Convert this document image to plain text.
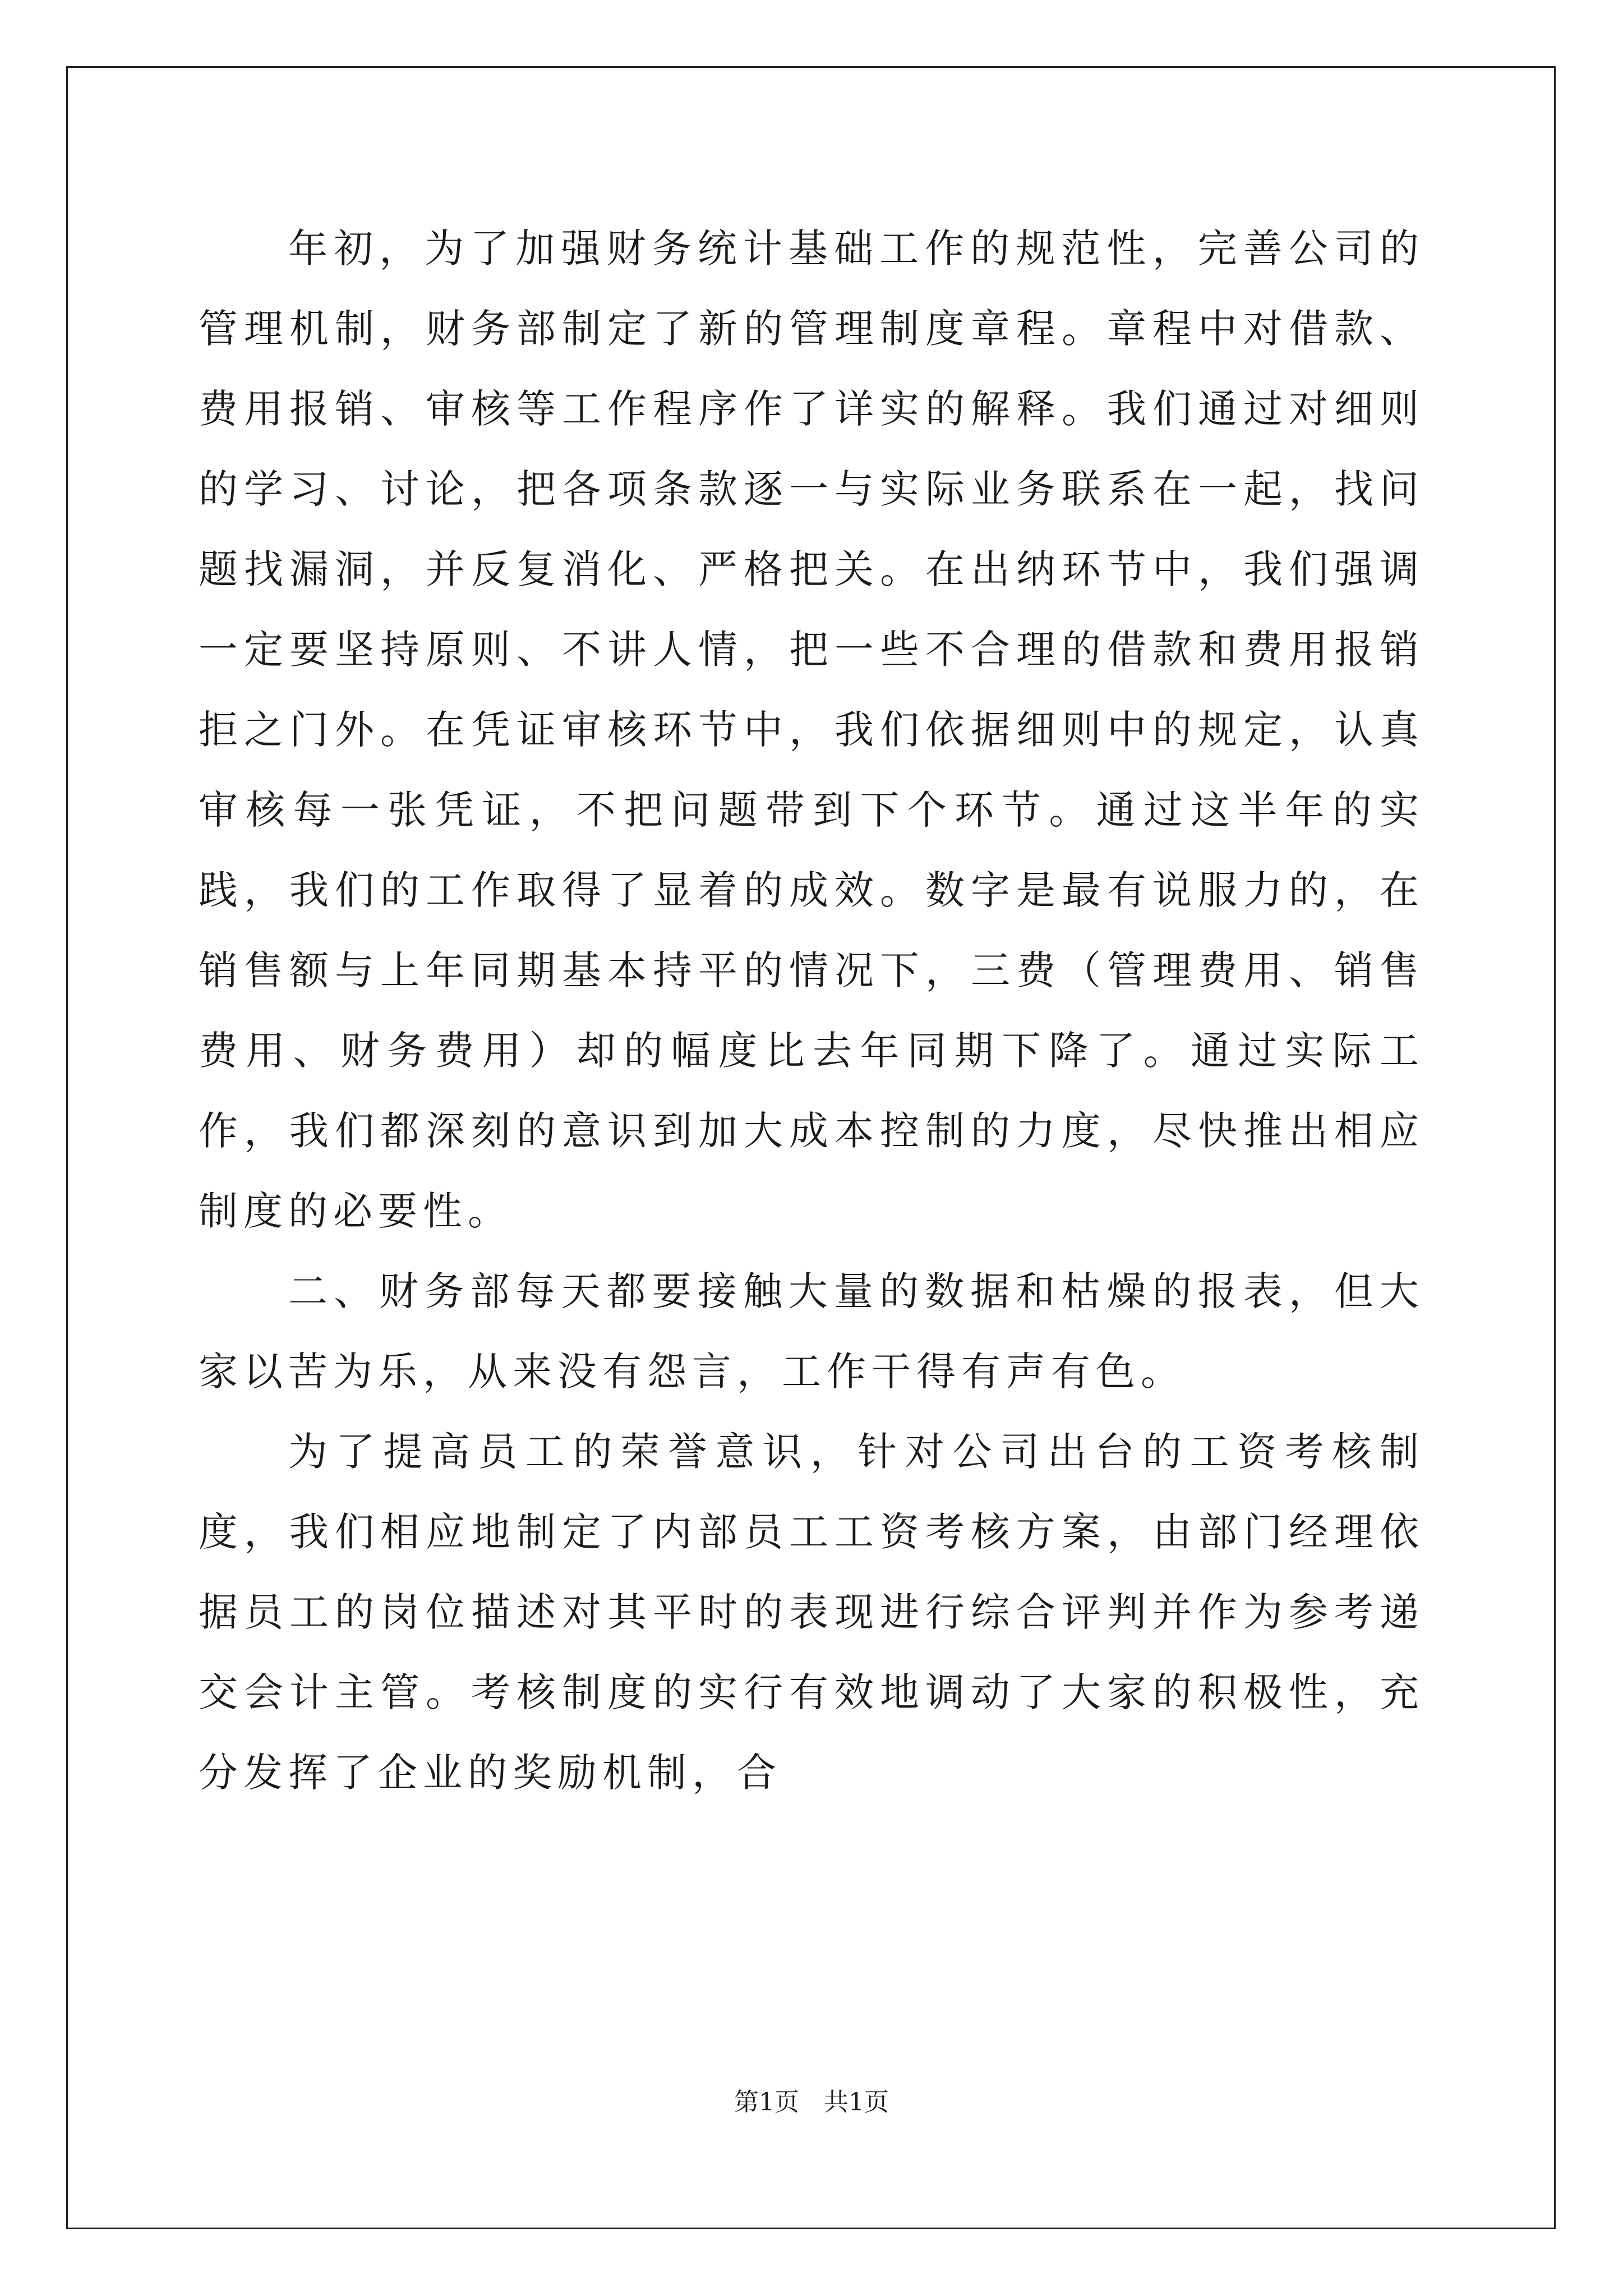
年初，为了加强财务统计基础工作的规范性，完善公司的管理机制，财务部制定了新的管理制度章程。章程中对借款、费用报销、审核等工作程序作了详实的解释。我们通过对细则的学习、讨论，把各项条款逐一与实际业务联系在一起，找问题找漏洞，并反复消化、严格把关。在出纳环节中，我们强调一定要坚持原则、不讲人情，把一些不合理的借款和费用报销拒之门外。在凭证审核环节中，我们依据细则中的规定，认真审核每一张凭证，不把问题带到下个环节。通过这半年的实践，我们的工作取得了显着的成效。数字是最有说服力的，在销售额与上年同期基本持平的情况下，三费（管理费用、销售费用、财务费用）却的幅度比去年同期下降了。通过实际工作，我们都深刻的意识到加大成本控制的力度，尽快推出相应制度的必要性。

二、财务部每天都要接触大量的数据和枯燥的报表，但大家以苦为乐，从来没有怨言，工作干得有声有色。

为了提高员工的荣誉意识，针对公司出台的工资考核制度，我们相应地制定了内部员工工资考核方案，由部门经理依据员工的岗位描述对其平时的表现进行综合评判并作为参考递交会计主管。考核制度的实行有效地调动了大家的积极性，充分发挥了企业的奖励机制，合

第1页　共1页
